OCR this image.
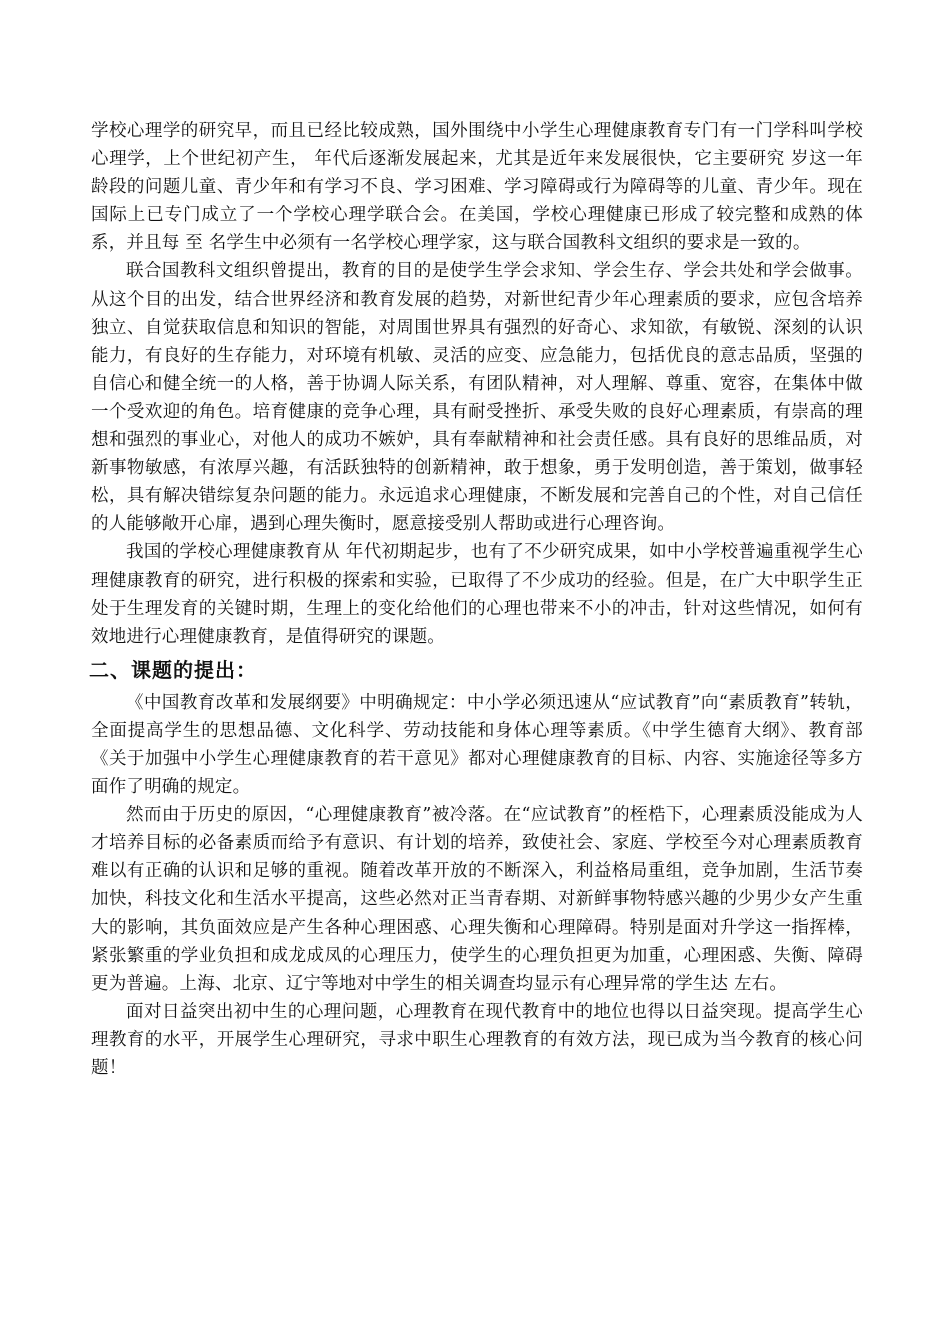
学校心理学的研究早，而且已经比较成熟，国外围绕中小学生心理健康教育专门有一门学科叫学校心理学，上个世纪初产生， 年代后逐渐发展起来，尤其是近年来发展很快，它主要研究 岁这一年龄段的问题儿童、青少年和有学习不良、学习困难、学习障碍或行为障碍等的儿童、青少年。现在国际上已专门成立了一个学校心理学联合会。在美国，学校心理健康已形成了较完整和成熟的体系，并且每 至 名学生中必须有一名学校心理学家，这与联合国教科文组织的要求是一致的。

联合国教科文组织曾提出，教育的目的是使学生学会求知、学会生存、学会共处和学会做事。从这个目的出发，结合世界经济和教育发展的趋势，对新世纪青少年心理素质的要求，应包含培养独立、自觉获取信息和知识的智能，对周围世界具有强烈的好奇心、求知欲，有敏锐、深刻的认识能力，有良好的生存能力，对环境有机敏、灵活的应变、应急能力，包括优良的意志品质，坚强的自信心和健全统一的人格，善于协调人际关系，有团队精神，对人理解、尊重、宽容，在集体中做一个受欢迎的角色。培育健康的竞争心理，具有耐受挫折、承受失败的良好心理素质，有崇高的理想和强烈的事业心，对他人的成功不嫉妒，具有奉献精神和社会责任感。具有良好的思维品质，对新事物敏感，有浓厚兴趣，有活跃独特的创新精神，敢于想象，勇于发明创造，善于策划，做事轻松，具有解决错综复杂问题的能力。永远追求心理健康，不断发展和完善自己的个性，对自己信任的人能够敞开心扉，遇到心理失衡时，愿意接受别人帮助或进行心理咨询。

我国的学校心理健康教育从 年代初期起步，也有了不少研究成果，如中小学校普遍重视学生心理健康教育的研究，进行积极的探索和实验，已取得了不少成功的经验。但是，在广大中职学生正处于生理发育的关键时期，生理上的变化给他们的心理也带来不小的冲击，针对这些情况，如何有效地进行心理健康教育，是值得研究的课题。

二、课题的提出：

《中国教育改革和发展纲要》中明确规定：中小学必须迅速从“应试教育”向“素质教育”转轨，全面提高学生的思想品德、文化科学、劳动技能和身体心理等素质。《中学生德育大纲》、教育部《关于加强中小学生心理健康教育的若干意见》都对心理健康教育的目标、内容、实施途径等多方面作了明确的规定。

然而由于历史的原因，“心理健康教育”被冷落。在“应试教育”的桎梏下，心理素质没能成为人才培养目标的必备素质而给予有意识、有计划的培养，致使社会、家庭、学校至今对心理素质教育难以有正确的认识和足够的重视。随着改革开放的不断深入，利益格局重组，竞争加剧，生活节奏加快，科技文化和生活水平提高，这些必然对正当青春期、对新鲜事物特感兴趣的少男少女产生重大的影响，其负面效应是产生各种心理困惑、心理失衡和心理障碍。特别是面对升学这一指挥棒，紧张繁重的学业负担和成龙成凤的心理压力，使学生的心理负担更为加重，心理困惑、失衡、障碍更为普遍。上海、北京、辽宁等地对中学生的相关调查均显示有心理异常的学生达 左右。

面对日益突出初中生的心理问题，心理教育在现代教育中的地位也得以日益突现。提高学生心理教育的水平，开展学生心理研究，寻求中职生心理教育的有效方法，现已成为当今教育的核心问题！
